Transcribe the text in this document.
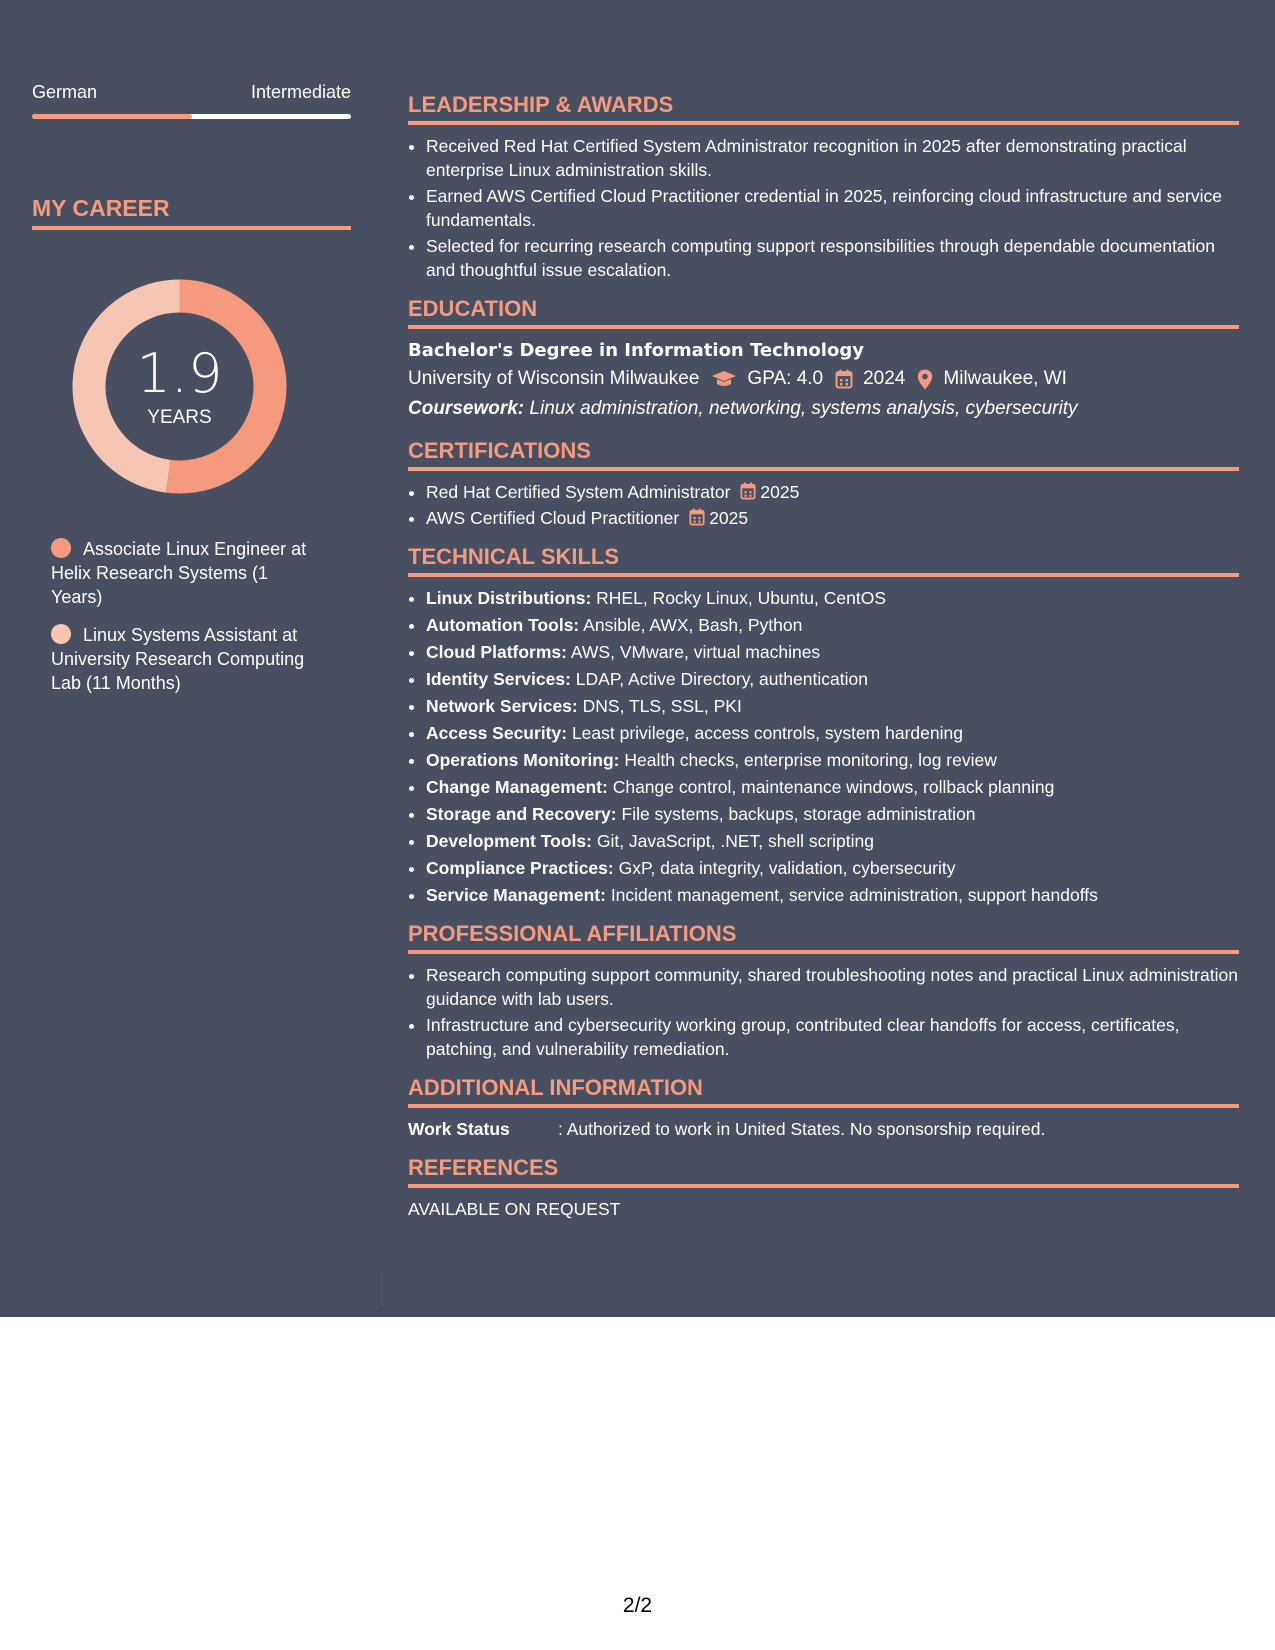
German	Intermediate
MY CAREER
1.9
YEARS
Associate Linux Engineer at Helix Research Systems (1 Years)
Linux Systems Assistant at University Research Computing Lab (11 Months)
LEADERSHIP & AWARDS
• Received Red Hat Certified System Administrator recognition in 2025 after demonstrating practical enterprise Linux administration skills.
• Earned AWS Certified Cloud Practitioner credential in 2025, reinforcing cloud infrastructure and service fundamentals.
• Selected for recurring research computing support responsibilities through dependable documentation and thoughtful issue escalation.
EDUCATION
Bachelor's Degree in Information Technology
University of Wisconsin Milwaukee	GPA: 4.0 2024 Milwaukee, WI
Coursework: Linux administration, networking, systems analysis, cybersecurity
CERTIFICATIONS
• Red Hat Certified System Administrator 2025
• AWS Certified Cloud Practitioner 2025
TECHNICAL SKILLS
• Linux Distributions: RHEL, Rocky Linux, Ubuntu, CentOS
• Automation Tools: Ansible, AWX, Bash, Python
• Cloud Platforms: AWS, VMware, virtual machines
• Identity Services: LDAP, Active Directory, authentication
• Network Services: DNS, TLS, SSL, PKI
• Access Security: Least privilege, access controls, system hardening
• Operations Monitoring: Health checks, enterprise monitoring, log review
• Change Management: Change control, maintenance windows, rollback planning
• Storage and Recovery: File systems, backups, storage administration
• Development Tools: Git, JavaScript, .NET, shell scripting
• Compliance Practices: GxP, data integrity, validation, cybersecurity
• Service Management: Incident management, service administration, support handoffs
PROFESSIONAL AFFILIATIONS
• Research computing support community, shared troubleshooting notes and practical Linux administration guidance with lab users.
• Infrastructure and cybersecurity working group, contributed clear handoffs for access, certificates, patching, and vulnerability remediation.
ADDITIONAL INFORMATION
Work Status	: Authorized to work in United States. No sponsorship required.
REFERENCES
AVAILABLE ON REQUEST
2/2
